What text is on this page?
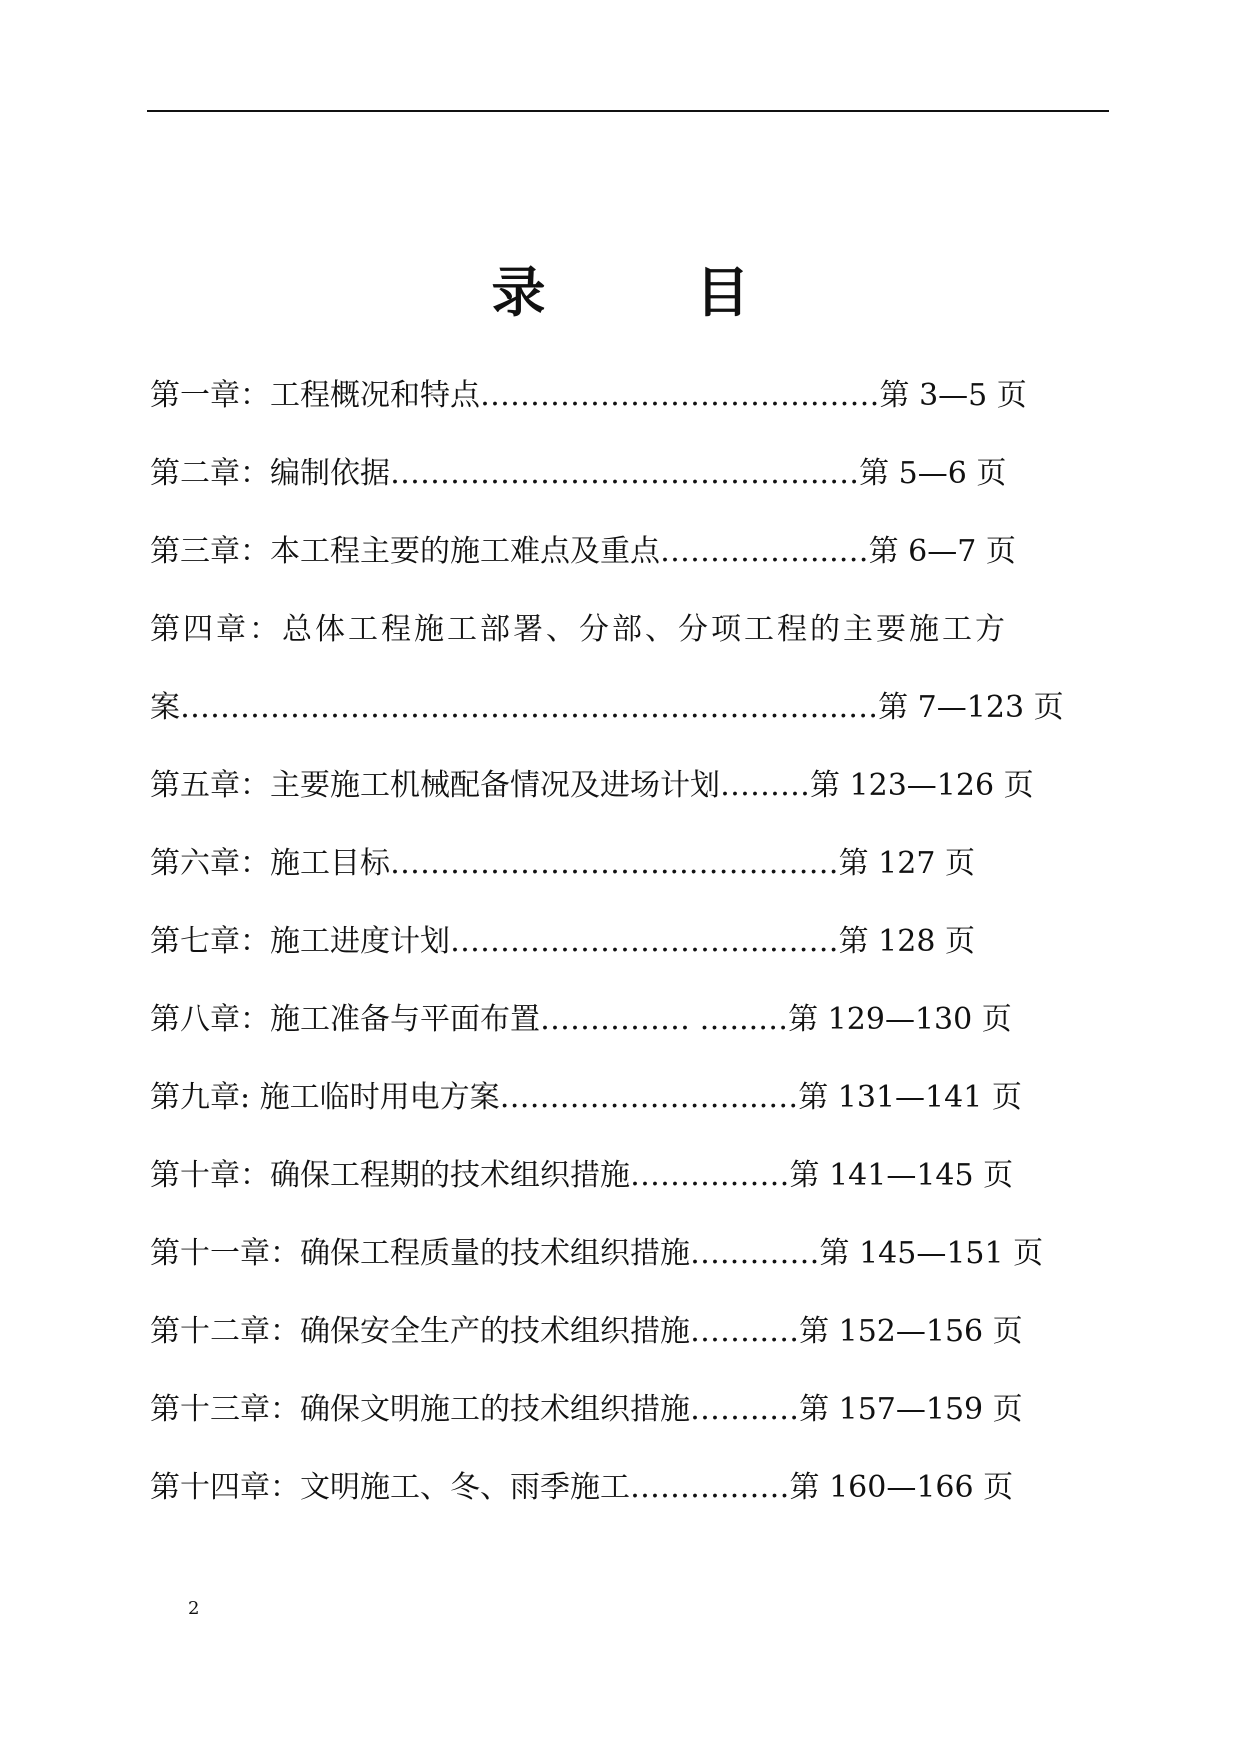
录目
第一章：工程概况和特点…………………………….……第 3—5 页
第二章：编制依据……………………………………..…第 5—6 页
第三章：本工程主要的施工难点及重点……………...…第 6—7 页
第四章：总体工程施工部署、分部、分项工程的主要施工方
案…………………………………………….…………...…第 7—123 页
第五章：主要施工机械配备情况及进场计划………第 123—126 页
第六章：施工目标………………………...……………第 127 页
第七章：施工进度计划…………………………...……第 128 页
第八章：施工准备与平面布置…………… …...…第 129—130 页
第九章: 施工临时用电方案……………………...…第 131—141 页
第十章：确保工程期的技术组织措施……….……第 141—145 页
第十一章：确保工程质量的技术组织措施….………第 145—151 页
第十二章：确保安全生产的技术组织措施……..…第 152—156 页
第十三章：确保文明施工的技术组织措施……..…第 157—159 页
第十四章：文明施工、冬、雨季施工……….……第 160—166 页
2
